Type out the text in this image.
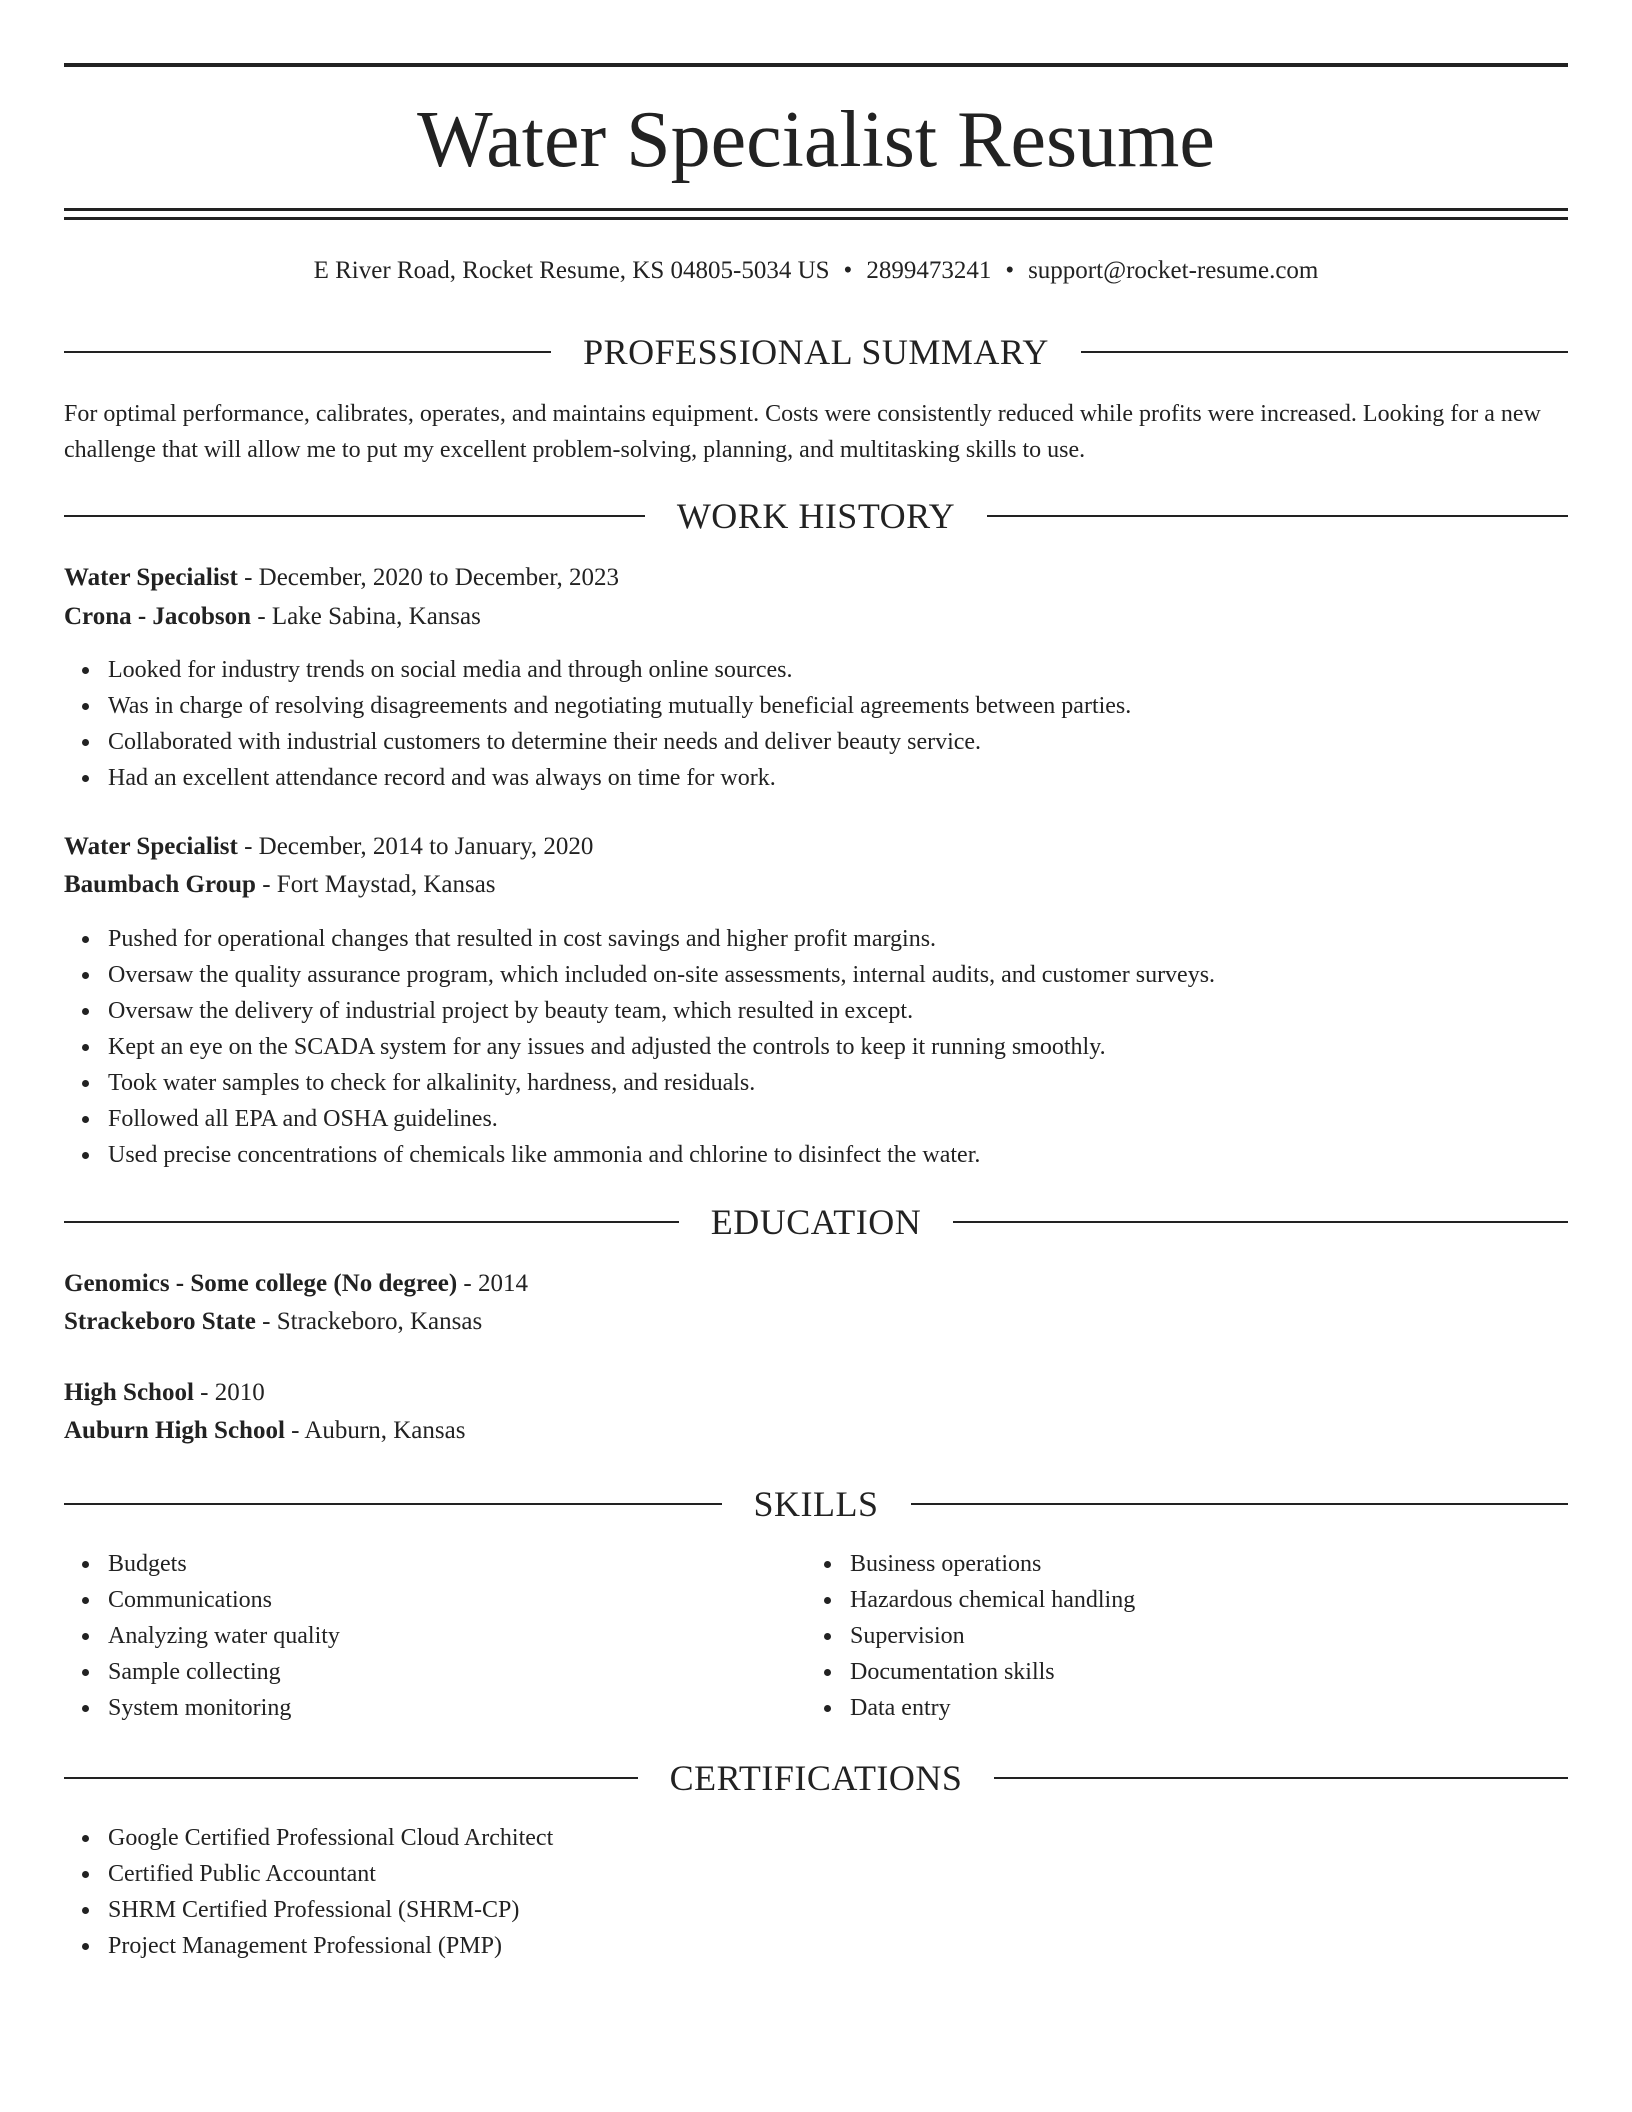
Water Specialist Resume
E River Road, Rocket Resume, KS 04805-5034 US • 2899473241 • support@rocket-resume.com
PROFESSIONAL SUMMARY

For optimal performance, calibrates, operates, and maintains equipment. Costs were consistently reduced while profits were increased. Looking for a new challenge that will allow me to put my excellent problem-solving, planning, and multitasking skills to use.

WORK HISTORY
Water Specialist - December, 2020 to December, 2023
Crona - Jacobson - Lake Sabina, Kansas
Looked for industry trends on social media and through online sources.
Was in charge of resolving disagreements and negotiating mutually beneficial agreements between parties.
Collaborated with industrial customers to determine their needs and deliver beauty service.
Had an excellent attendance record and was always on time for work.
Water Specialist - December, 2014 to January, 2020
Baumbach Group - Fort Maystad, Kansas
Pushed for operational changes that resulted in cost savings and higher profit margins.
Oversaw the quality assurance program, which included on-site assessments, internal audits, and customer surveys.
Oversaw the delivery of industrial project by beauty team, which resulted in except.
Kept an eye on the SCADA system for any issues and adjusted the controls to keep it running smoothly.
Took water samples to check for alkalinity, hardness, and residuals.
Followed all EPA and OSHA guidelines.
Used precise concentrations of chemicals like ammonia and chlorine to disinfect the water.
EDUCATION
Genomics - Some college (No degree) - 2014
Strackeboro State - Strackeboro, Kansas
High School - 2010
Auburn High School - Auburn, Kansas
SKILLS
Budgets
Communications
Analyzing water quality
Sample collecting
System monitoring
Business operations
Hazardous chemical handling
Supervision
Documentation skills
Data entry
CERTIFICATIONS
Google Certified Professional Cloud Architect
Certified Public Accountant
SHRM Certified Professional (SHRM-CP)
Project Management Professional (PMP)
